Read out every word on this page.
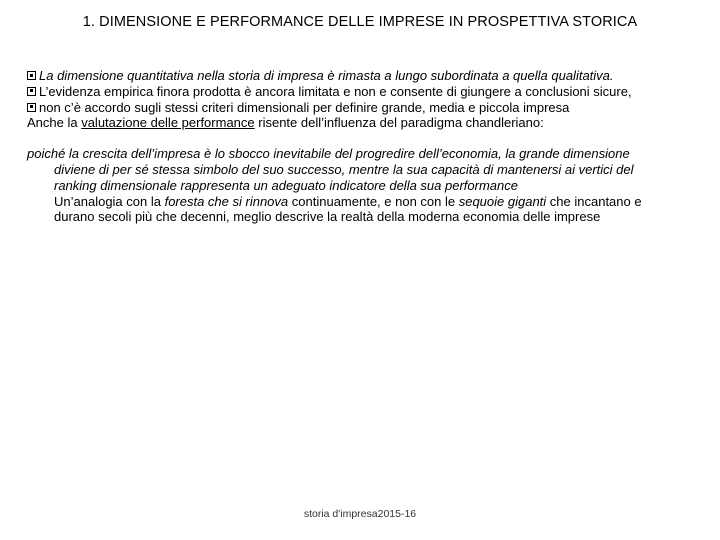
1. DIMENSIONE E PERFORMANCE DELLE IMPRESE IN PROSPETTIVA STORICA

La dimensione quantitativa nella storia di impresa è rimasta a lungo subordinata a quella qualitativa.

L’evidenza empirica finora prodotta è ancora limitata e non e consente di giungere a conclusioni sicure,

non c’è accordo sugli stessi criteri dimensionali per definire grande, media e piccola impresa

Anche la valutazione delle performance risente dell’influenza del paradigma chandleriano:

poiché la crescita dell’impresa è lo sbocco inevitabile del progredire dell’economia, la grande dimensione diviene di per sé stessa simbolo del suo successo, mentre la sua capacità di mantenersi ai vertici del ranking dimensionale rappresenta un adeguato indicatore della sua performance

Un’analogia con la foresta che si rinnova continuamente, e non con le sequoie giganti che incantano e durano secoli più che decenni, meglio descrive la realtà della moderna economia delle imprese

storia d'impresa2015-16
